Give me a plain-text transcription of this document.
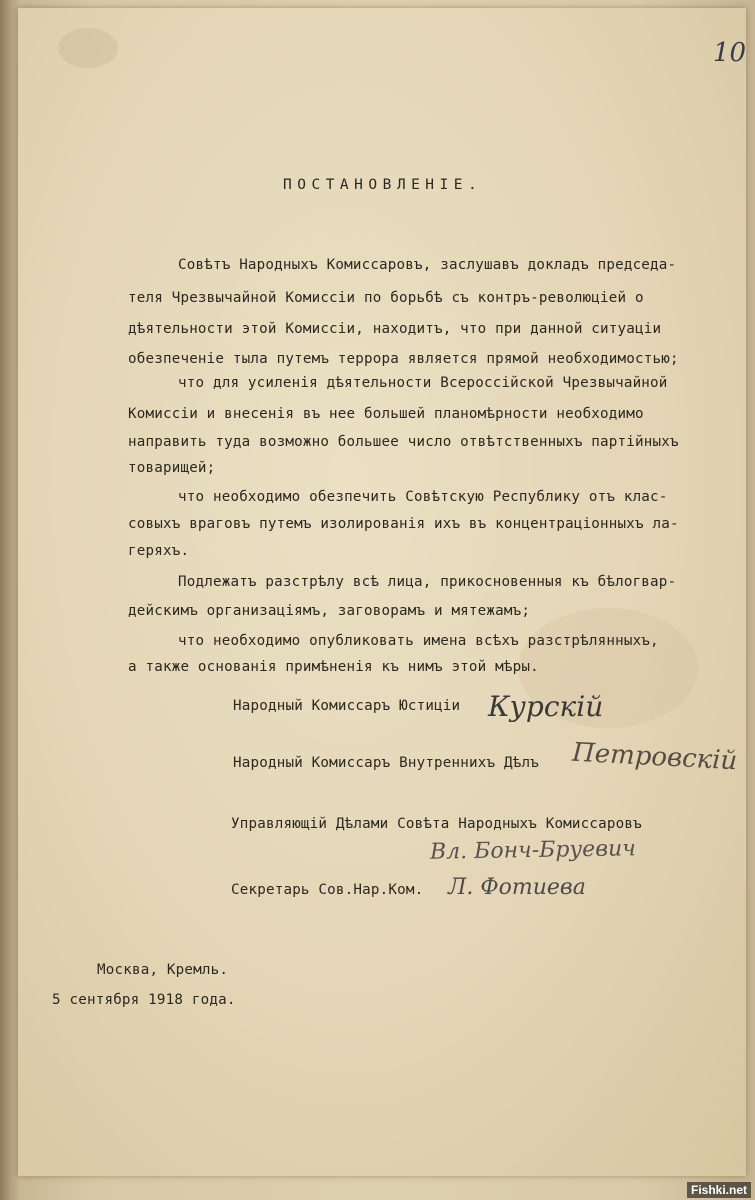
10
ПОСТАНОВЛЕНІЕ.
Совѣтъ Народныхъ Комиссаровъ, заслушавъ докладъ председа-
теля Чрезвычайной Комиссіи по борьбѣ съ контръ-революціей о
дѣятельности этой Комиссіи, находитъ, что при данной ситуаціи
обезпеченіе тыла путемъ террора является прямой необходимостью;
что для усиленія дѣятельности Всероссійской Чрезвычайной
Комиссіи и внесенія въ нее большей планомѣрности необходимо
направить туда возможно большее число отвѣтственныхъ партійныхъ
товарищей;
что необходимо обезпечить Совѣтскую Республику отъ клас-
совыхъ враговъ путемъ изолированія ихъ въ концентраціонныхъ ла-
геряхъ.
Подлежатъ разстрѣлу всѣ лица, прикосновенныя къ бѣлогвар-
дейскимъ организаціямъ, заговорамъ и мятежамъ;
что необходимо опубликовать имена всѣхъ разстрѣлянныхъ,
а также основанія примѣненія къ нимъ этой мѣры.
Народный Комиссаръ Юстиціи Курскій
Народный Комиссаръ Внутреннихъ Дѣлъ Петровскій
Управляющій Дѣлами Совѣта Народныхъ Комиссаровъ
Вл. Бонч-Бруевич
Секретарь Сов.Нар.Ком. Л. Фотиева
Москва, Кремль.
5 сентября 1918 года.
Fishki.net
